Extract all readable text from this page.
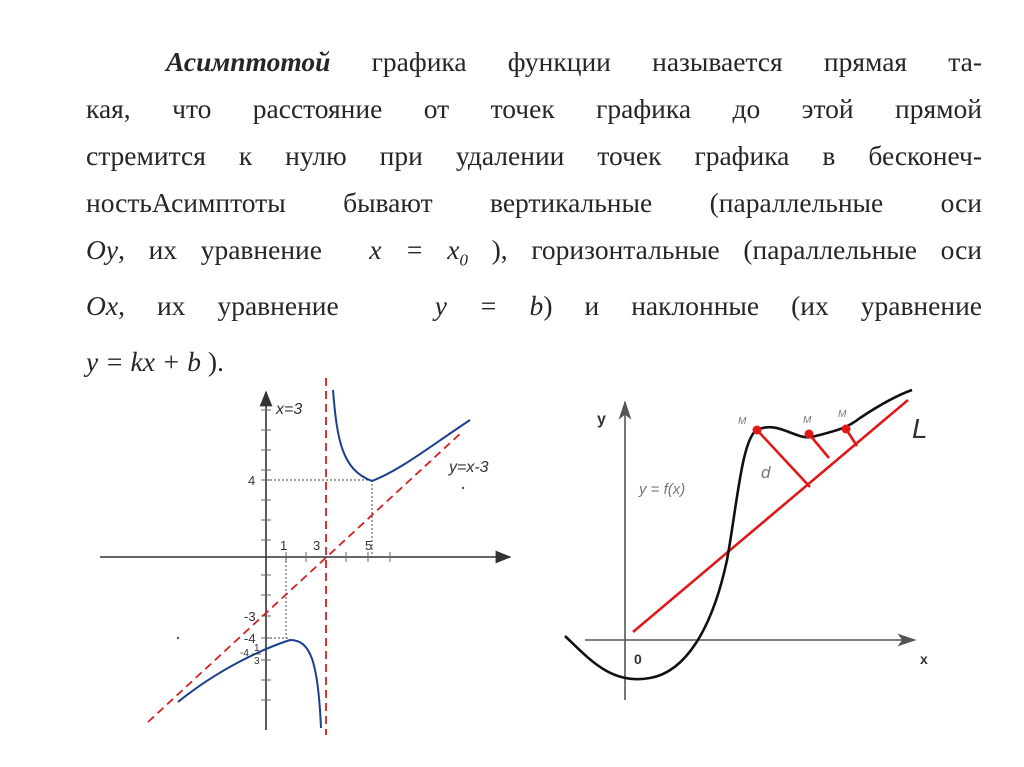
Асимптотой графика функции называется прямая та-
кая, что расстояние от точек графика до этой прямой
стремится к нулю при удалении точек графика в бесконеч-
ностьАсимптоты бывают вертикальные (параллельные оси
Oy, их уравнение $x = x_0$ ), горизонтальные (параллельные оси
Ox, их уравнение	y = b) и наклонные (их уравнение
y = kx + b ).
x=3
y=x-3
1 3	5
4
-3
-4
-4 1
3
y
x
0
y = f(x)
L
d
M	M
M
